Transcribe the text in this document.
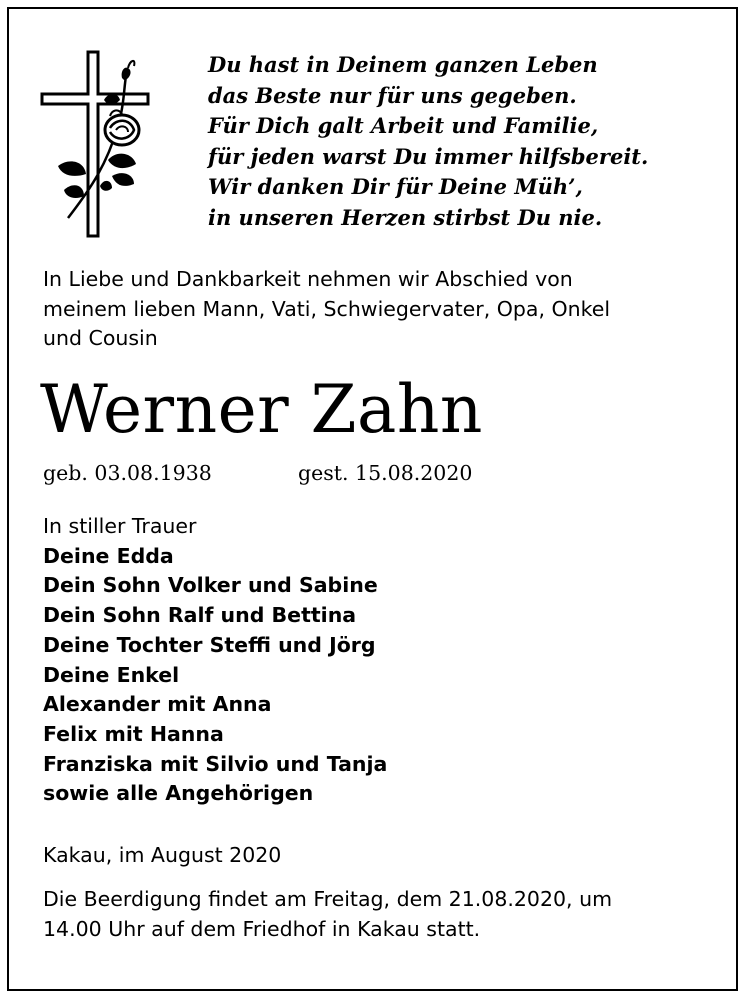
Du hast in Deinem ganzen Leben
das Beste nur für uns gegeben.
Für Dich galt Arbeit und Familie,
für jeden warst Du immer hilfsbereit.
Wir danken Dir für Deine Müh’,
in unseren Herzen stirbst Du nie.
In Liebe und Dankbarkeit nehmen wir Abschied von
meinem lieben Mann, Vati, Schwiegervater, Opa, Onkel
und Cousin
Werner Zahn
geb. 03.08.1938	gest. 15.08.2020
In stiller Trauer
Deine Edda
Dein Sohn Volker und Sabine
Dein Sohn Ralf und Bettina
Deine Tochter Steffi und Jörg
Deine Enkel
Alexander mit Anna
Felix mit Hanna
Franziska mit Silvio und Tanja
sowie alle Angehörigen
Kakau, im August 2020
Die Beerdigung findet am Freitag, dem 21.08.2020, um
14.00 Uhr auf dem Friedhof in Kakau statt.
